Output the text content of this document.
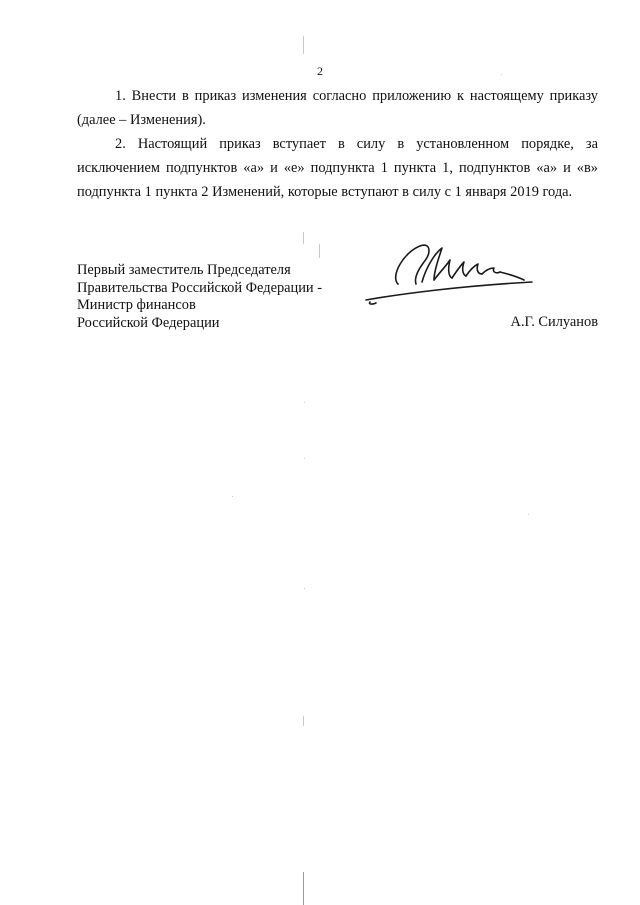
2

1. Внести в приказ изменения согласно приложению к настоящему приказу (далее – Изменения).

2. Настоящий приказ вступает в силу в установленном порядке, за исключением подпунктов «а» и «е» подпункта 1 пункта 1, подпунктов «а» и «в» подпункта 1 пункта 2 Изменений, которые вступают в силу с 1 января 2019 года.

Первый заместитель Председателя
Правительства Российской Федерации -
Министр финансов
Российской Федерации	А.Г. Силуанов
